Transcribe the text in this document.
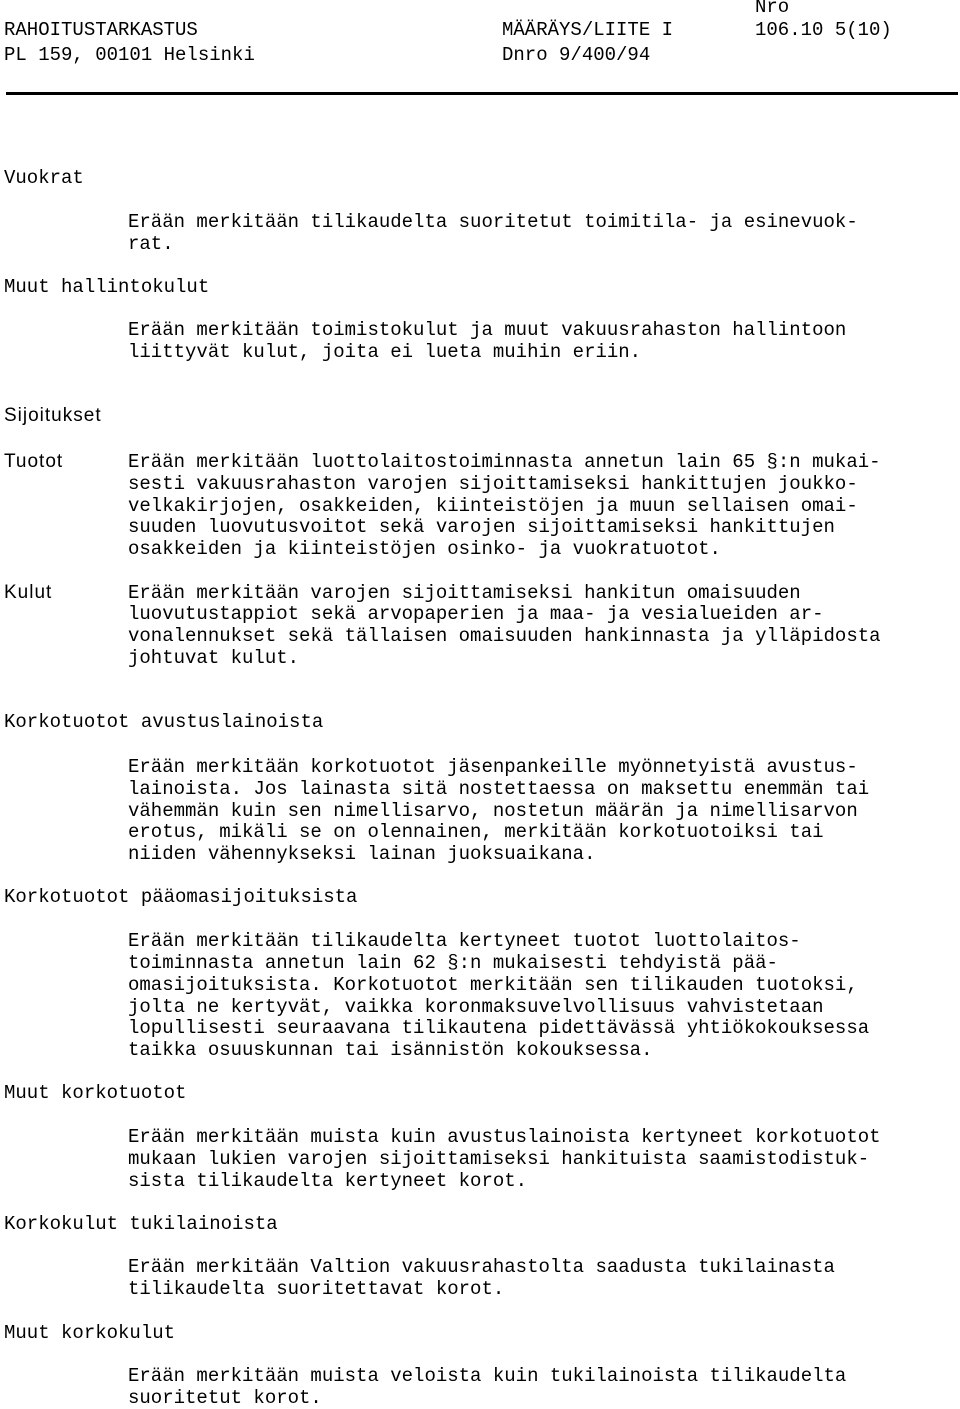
RAHOITUSTARKASTUS
PL 159, 00101 Helsinki
MÄÄRÄYS/LIITE I
Dnro 9/400/94
Nro
106.10 5(10)
Vuokrat
Erään merkitään tilikaudelta suoritetut toimitila- ja esinevuok-
rat.
Muut hallintokulut
Erään merkitään toimistokulut ja muut vakuusrahaston hallintoon
liittyvät kulut, joita ei lueta muihin eriin.
Sijoitukset
Tuotot	Erään merkitään luottolaitostoiminnasta annetun lain 65 §:n mukai-
sesti vakuusrahaston varojen sijoittamiseksi hankittujen joukko-
velkakirjojen, osakkeiden, kiinteistöjen ja muun sellaisen omai-
suuden luovutusvoitot sekä varojen sijoittamiseksi hankittujen
osakkeiden ja kiinteistöjen osinko- ja vuokratuotot.
Kulut	Erään merkitään varojen sijoittamiseksi hankitun omaisuuden
luovutustappiot sekä arvopaperien ja maa- ja vesialueiden ar-
vonalennukset sekä tällaisen omaisuuden hankinnasta ja ylläpidosta
johtuvat kulut.
Korkotuotot avustuslainoista
Erään merkitään korkotuotot jäsenpankeille myönnetyistä avustus-
lainoista. Jos lainasta sitä nostettaessa on maksettu enemmän tai
vähemmän kuin sen nimellisarvo, nostetun määrän ja nimellisarvon
erotus, mikäli se on olennainen, merkitään korkotuotoiksi tai
niiden vähennykseksi lainan juoksuaikana.
Korkotuotot pääomasijoituksista
Erään merkitään tilikaudelta kertyneet tuotot luottolaitos-
toiminnasta annetun lain 62 §:n mukaisesti tehdyistä pää-
omasijoituksista. Korkotuotot merkitään sen tilikauden tuotoksi,
jolta ne kertyvät, vaikka koronmaksuvelvollisuus vahvistetaan
lopullisesti seuraavana tilikautena pidettävässä yhtiökokouksessa
taikka osuuskunnan tai isännistön kokouksessa.
Muut korkotuotot
Erään merkitään muista kuin avustuslainoista kertyneet korkotuotot
mukaan lukien varojen sijoittamiseksi hankituista saamistodistuk-
sista tilikaudelta kertyneet korot.
Korkokulut tukilainoista
Erään merkitään Valtion vakuusrahastolta saadusta tukilainasta
tilikaudelta suoritettavat korot.
Muut korkokulut
Erään merkitään muista veloista kuin tukilainoista tilikaudelta
suoritetut korot.
